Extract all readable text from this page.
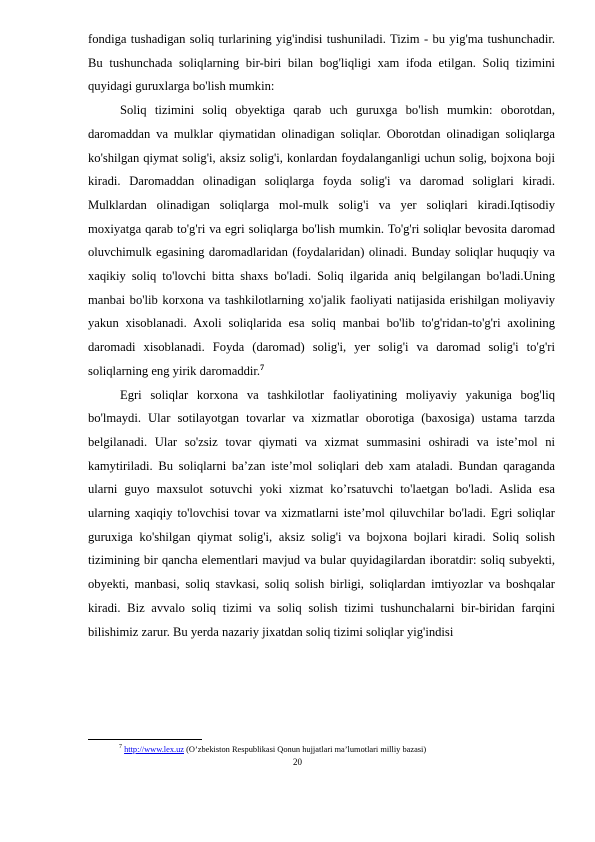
fondiga tushadigan soliq turlarining yig'indisi tushuniladi. Tizim - bu yig'ma tushunchadir. Bu tushunchada soliqlarning bir-biri bilan bog'liqligi xam ifoda etilgan. Soliq tizimini quyidagi guruxlarga bo'lish mumkin:

Soliq tizimini soliq obyektiga qarab uch guruxga bo'lish mumkin: oborotdan, daromaddan va mulklar qiymatidan olinadigan soliqlar. Oborotdan olinadigan soliqlarga ko'shilgan qiymat solig'i, aksiz solig'i, konlardan foydalanganligi uchun solig, bojxona boji kiradi. Daromaddan olinadigan soliqlarga foyda solig'i va daromad soliglari kiradi. Mulklardan olinadigan soliqlarga mol-mulk solig'i va yer soliqlari kiradi.Iqtisodiy moxiyatga qarab to'g'ri va egri soliqlarga bo'lish mumkin. To'g'ri soliqlar bevosita daromad oluvchimulk egasining daromadlaridan (foydalaridan) olinadi. Bunday soliqlar huquqiy va xaqikiy soliq to'lovchi bitta shaxs bo'ladi. Soliq ilgarida aniq belgilangan bo'ladi.Uning manbai bo'lib korxona va tashkilotlarning xo'jalik faoliyati natijasida erishilgan moliyaviy yakun xisoblanadi. Axoli soliqlarida esa soliq manbai bo'lib to'g'ridan-to'g'ri axolining daromadi xisoblanadi. Foyda (daromad) solig'i, yer solig'i va daromad solig'i to'g'ri soliqlarning eng yirik daromaddir.$^7$

Egri soliqlar korxona va tashkilotlar faoliyatining moliyaviy yakuniga bog'liq bo'lmaydi. Ular sotilayotgan tovarlar va xizmatlar oborotiga (baxosiga) ustama tarzda belgilanadi. Ular so'zsiz tovar qiymati va xizmat summasini oshiradi va iste’mol ni kamytiriladi. Bu soliqlarni ba’zan iste’mol soliqlari deb xam ataladi. Bundan qaraganda ularni guyo maxsulot sotuvchi yoki xizmat ko’rsatuvchi to'laetgan bo'ladi. Aslida esa ularning xaqiqiy to'lovchisi tovar va xizmatlarni iste’mol qiluvchilar bo'ladi. Egri soliqlar guruxiga ko'shilgan qiymat solig'i, aksiz solig'i va bojxona bojlari kiradi. Soliq solish tizimining bir qancha elementlari mavjud va bular quyidagilardan iboratdir: soliq subyekti, obyekti, manbasi, soliq stavkasi, soliq solish birligi, soliqlardan imtiyozlar va boshqalar kiradi. Biz avvalo soliq tizimi va soliq solish tizimi tushunchalarni bir-biridan farqini bilishimiz zarur. Bu yerda nazariy jixatdan soliq tizimi soliqlar yig'indisi

$^7$ http://www.lex.uz (O’zbekiston Respublikasi Qonun hujjatlari ma’lumotlari milliy bazasi)
20
